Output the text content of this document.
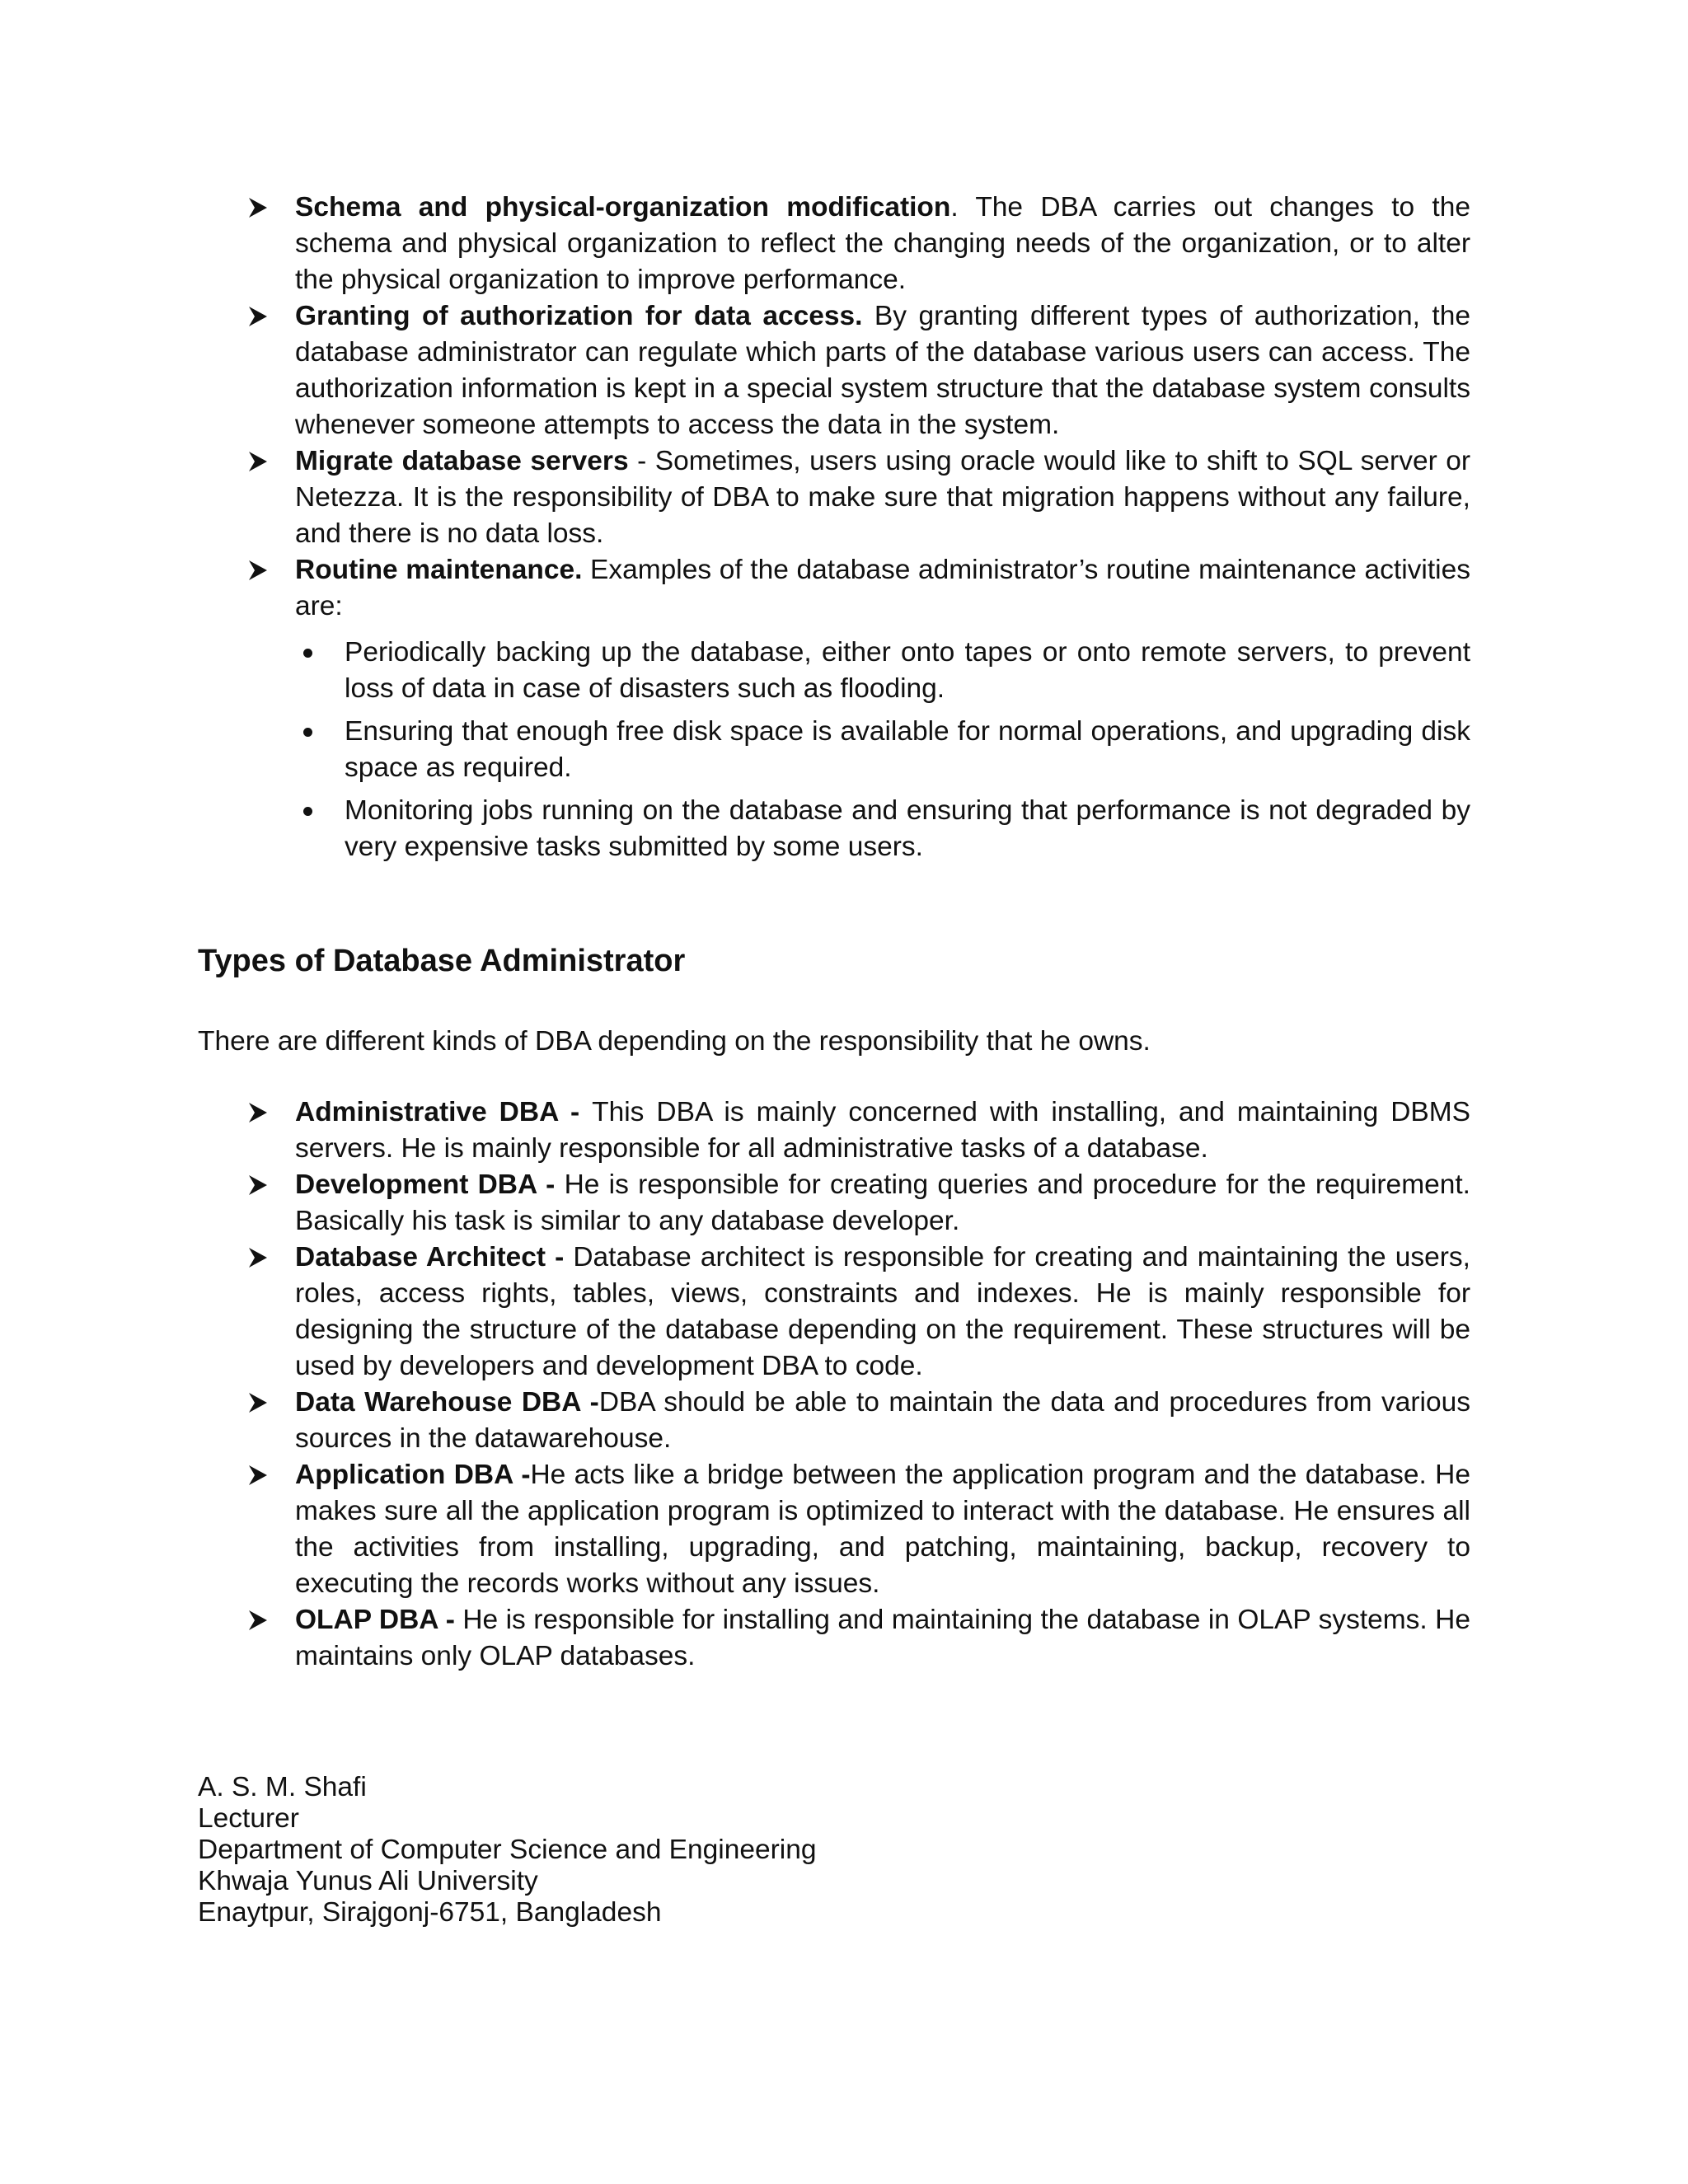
Schema and physical-organization modification. The DBA carries out changes to the schema and physical organization to reflect the changing needs of the organization, or to alter the physical organization to improve performance.
Granting of authorization for data access. By granting different types of authorization, the database administrator can regulate which parts of the database various users can access. The authorization information is kept in a special system structure that the database system consults whenever someone attempts to access the data in the system.
Migrate database servers - Sometimes, users using oracle would like to shift to SQL server or Netezza. It is the responsibility of DBA to make sure that migration happens without any failure, and there is no data loss.
Routine maintenance. Examples of the database administrator’s routine maintenance activities are:
Periodically backing up the database, either onto tapes or onto remote servers, to prevent loss of data in case of disasters such as flooding.
Ensuring that enough free disk space is available for normal operations, and upgrading disk space as required.
Monitoring jobs running on the database and ensuring that performance is not degraded by very expensive tasks submitted by some users.
Types of Database Administrator

There are different kinds of DBA depending on the responsibility that he owns.

Administrative DBA - This DBA is mainly concerned with installing, and maintaining DBMS servers. He is mainly responsible for all administrative tasks of a database.
Development DBA - He is responsible for creating queries and procedure for the requirement. Basically his task is similar to any database developer.
Database Architect - Database architect is responsible for creating and maintaining the users, roles, access rights, tables, views, constraints and indexes. He is mainly responsible for designing the structure of the database depending on the requirement. These structures will be used by developers and development DBA to code.
Data Warehouse DBA -DBA should be able to maintain the data and procedures from various sources in the datawarehouse.
Application DBA -He acts like a bridge between the application program and the database. He makes sure all the application program is optimized to interact with the database. He ensures all the activities from installing, upgrading, and patching, maintaining, backup, recovery to executing the records works without any issues.
OLAP DBA - He is responsible for installing and maintaining the database in OLAP systems. He maintains only OLAP databases.
A. S. M. Shafi
Lecturer
Department of Computer Science and Engineering
Khwaja Yunus Ali University
Enaytpur, Sirajgonj-6751, Bangladesh
